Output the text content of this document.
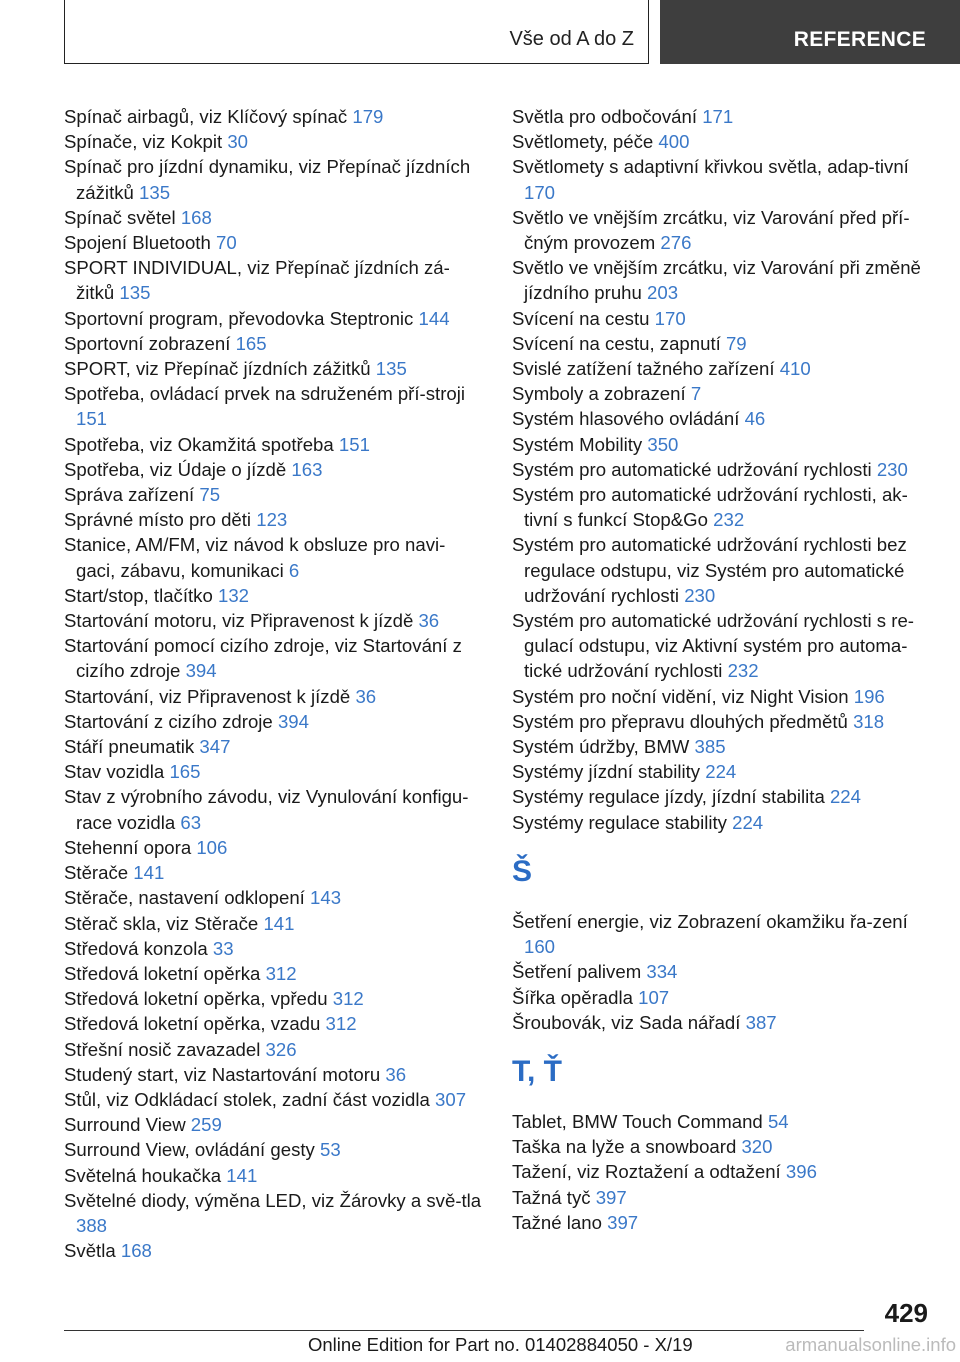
Vše od A do Z	REFERENCE
Spínač airbagů, viz Klíčový spínač 179
Spínače, viz Kokpit 30
Spínač pro jízdní dynamiku, viz Přepínač jízdních zážitků 135
Spínač světel 168
Spojení Bluetooth 70
SPORT INDIVIDUAL, viz Přepínač jízdních zá‐žitků 135
Sportovní program, převodovka Steptronic 144
Sportovní zobrazení 165
SPORT, viz Přepínač jízdních zážitků 135
Spotřeba, ovládací prvek na sdruženém pří‐stroji 151
Spotřeba, viz Okamžitá spotřeba 151
Spotřeba, viz Údaje o jízdě 163
Správa zařízení 75
Správné místo pro děti 123
Stanice, AM/FM, viz návod k obsluze pro navi‐gaci, zábavu, komunikaci 6
Start/stop, tlačítko 132
Startování motoru, viz Připravenost k jízdě 36
Startování pomocí cizího zdroje, viz Startování z cizího zdroje 394
Startování, viz Připravenost k jízdě 36
Startování z cizího zdroje 394
Stáří pneumatik 347
Stav vozidla 165
Stav z výrobního závodu, viz Vynulování konfigu‐race vozidla 63
Stehenní opora 106
Stěrače 141
Stěrače, nastavení odklopení 143
Stěrač skla, viz Stěrače 141
Středová konzola 33
Středová loketní opěrka 312
Středová loketní opěrka, vpředu 312
Středová loketní opěrka, vzadu 312
Střešní nosič zavazadel 326
Studený start, viz Nastartování motoru 36
Stůl, viz Odkládací stolek, zadní část vozidla 307
Surround View 259
Surround View, ovládání gesty 53
Světelná houkačka 141
Světelné diody, výměna LED, viz Žárovky a svě‐tla 388
Světla 168
Světla pro odbočování 171
Světlomety, péče 400
Světlomety s adaptivní křivkou světla, adap‐tivní 170
Světlo ve vnějším zrcátku, viz Varování před pří‐čným provozem 276
Světlo ve vnějším zrcátku, viz Varování při změně jízdního pruhu 203
Svícení na cestu 170
Svícení na cestu, zapnutí 79
Svislé zatížení tažného zařízení 410
Symboly a zobrazení 7
Systém hlasového ovládání 46
Systém Mobility 350
Systém pro automatické udržování rychlosti 230
Systém pro automatické udržování rychlosti, ak‐tivní s funkcí Stop&Go 232
Systém pro automatické udržování rychlosti bez regulace odstupu, viz Systém pro automatické udržování rychlosti 230
Systém pro automatické udržování rychlosti s re‐gulací odstupu, viz Aktivní systém pro automa‐tické udržování rychlosti 232
Systém pro noční vidění, viz Night Vision 196
Systém pro přepravu dlouhých předmětů 318
Systém údržby, BMW 385
Systémy jízdní stability 224
Systémy regulace jízdy, jízdní stabilita 224
Systémy regulace stability 224
Š
Šetření energie, viz Zobrazení okamžiku řa‐zení 160
Šetření palivem 334
Šířka opěradla 107
Šroubovák, viz Sada nářadí 387
T, Ť
Tablet, BMW Touch Command 54
Taška na lyže a snowboard 320
Tažení, viz Roztažení a odtažení 396
Tažná tyč 397
Tažné lano 397
429
Online Edition for Part no. 01402884050 - X/19	armanualsonline.info
